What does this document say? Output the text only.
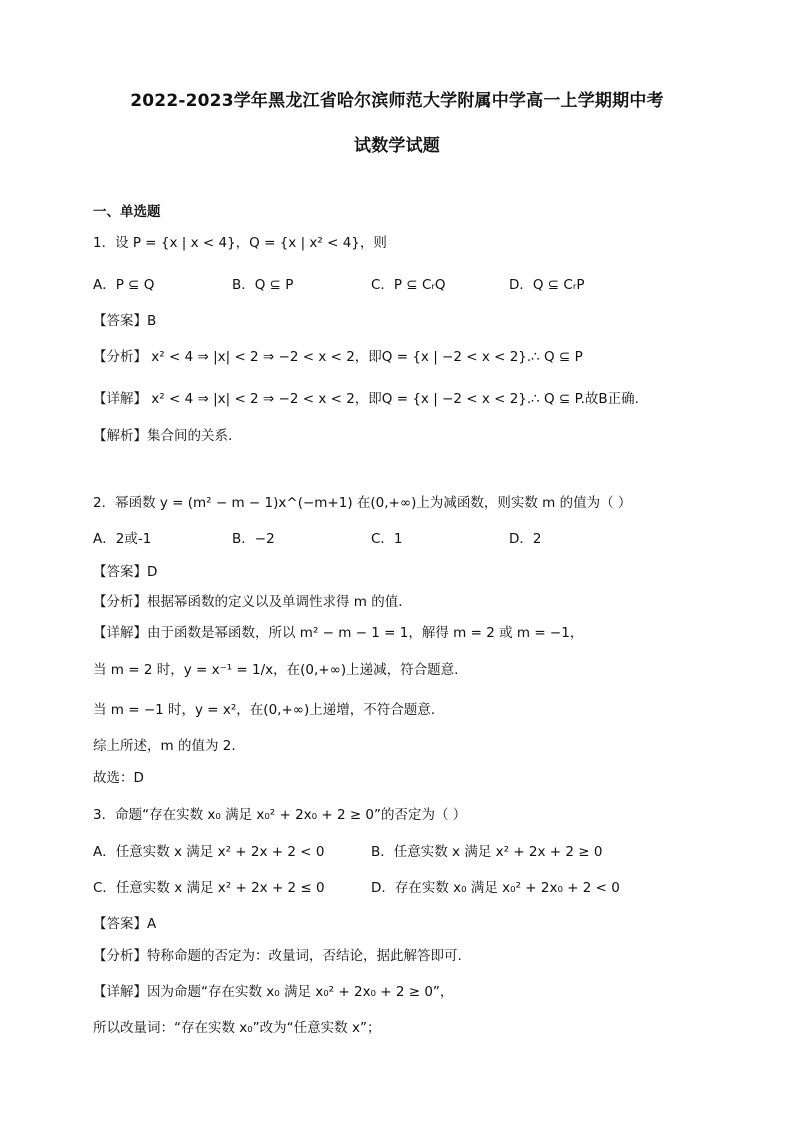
2022-2023学年黑龙江省哈尔滨师范大学附属中学高一上学期期中考
试数学试题
一、单选题
1．设 P = {x | x < 4}，Q = {x | x² < 4}，则
A．P ⊆ Q	B．Q ⊆ P	C．P ⊆ CᵣQ	D．Q ⊆ CᵣP
【答案】B
【分析】 x² < 4 ⇒ |x| < 2 ⇒ −2 < x < 2，即Q = {x | −2 < x < 2}.∴ Q ⊆ P
【详解】 x² < 4 ⇒ |x| < 2 ⇒ −2 < x < 2，即Q = {x | −2 < x < 2}.∴ Q ⊆ P.故B正确.
【解析】集合间的关系.
2．幂函数 y = (m² − m − 1)x^(−m+1) 在(0,+∞)上为减函数，则实数 m 的值为（ ）
A．2或-1	B．−2	C．1	D．2
【答案】D
【分析】根据幂函数的定义以及单调性求得 m 的值.
【详解】由于函数是幂函数，所以 m² − m − 1 = 1，解得 m = 2 或 m = −1，
当 m = 2 时，y = x⁻¹ = 1/x，在(0,+∞)上递减，符合题意.
当 m = −1 时，y = x²，在(0,+∞)上递增，不符合题意.
综上所述，m 的值为 2.
故选：D
3．命题“存在实数 x₀ 满足 x₀² + 2x₀ + 2 ≥ 0”的否定为（ ）
A．任意实数 x 满足 x² + 2x + 2 < 0	B．任意实数 x 满足 x² + 2x + 2 ≥ 0
C．任意实数 x 满足 x² + 2x + 2 ≤ 0	D．存在实数 x₀ 满足 x₀² + 2x₀ + 2 < 0
【答案】A
【分析】特称命题的否定为：改量词，否结论，据此解答即可.
【详解】因为命题“存在实数 x₀ 满足 x₀² + 2x₀ + 2 ≥ 0”，
所以改量词：“存在实数 x₀”改为“任意实数 x”；
